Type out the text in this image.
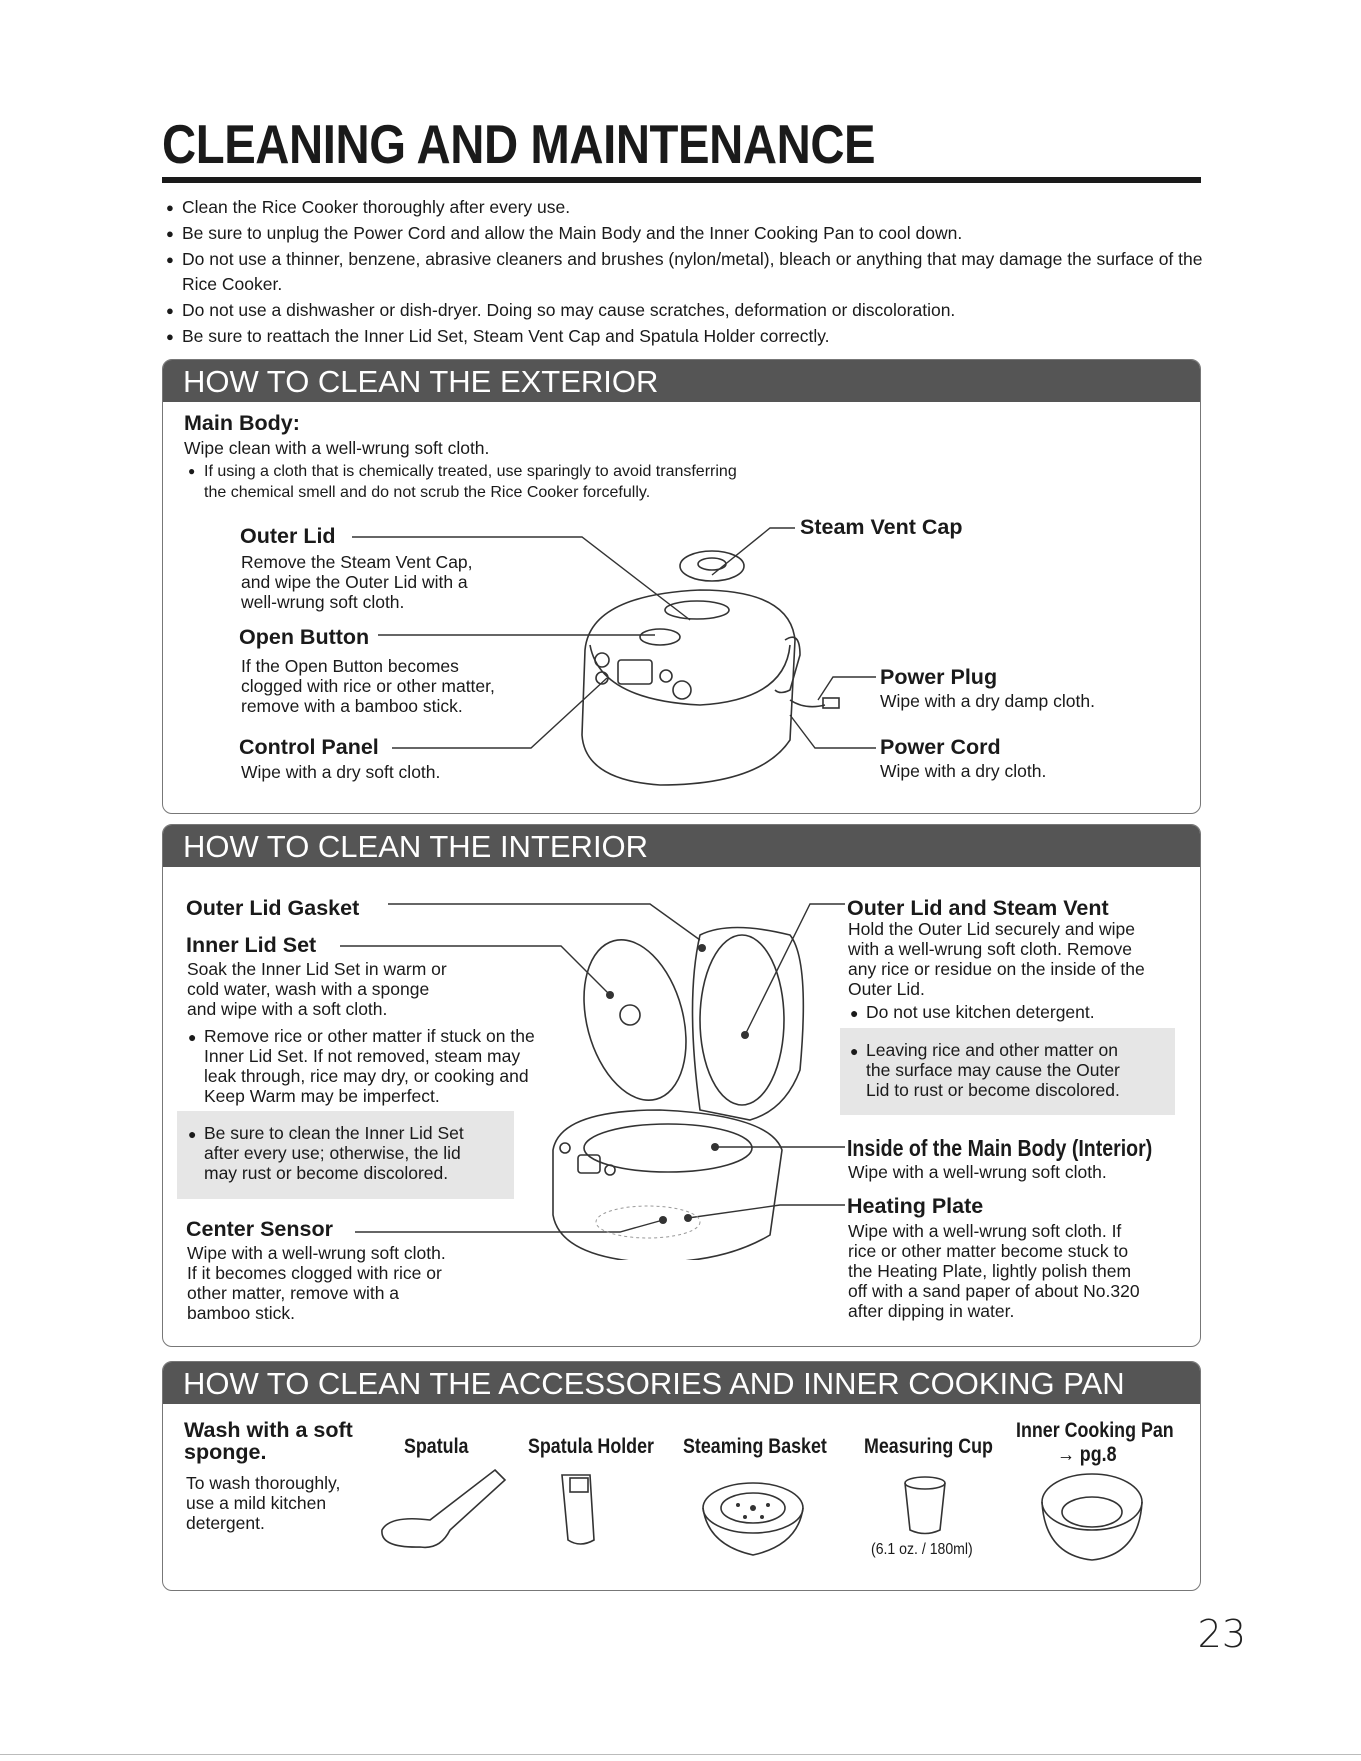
CLEANING AND MAINTENANCE
● Clean the Rice Cooker thoroughly after every use.
● Be sure to unplug the Power Cord and allow the Main Body and the Inner Cooking Pan to cool down.
● Do not use a thinner, benzene, abrasive cleaners and brushes (nylon/metal), bleach or anything that may damage the surface of the Rice Cooker.
● Do not use a dishwasher or dish-dryer. Doing so may cause scratches, deformation or discoloration.
● Be sure to reattach the Inner Lid Set, Steam Vent Cap and Spatula Holder correctly.
HOW TO CLEAN THE EXTERIOR
Main Body:
Wipe clean with a well-wrung soft cloth.
● If using a cloth that is chemically treated, use sparingly to avoid transferring
the chemical smell and do not scrub the Rice Cooker forcefully.
Outer Lid
Remove the Steam Vent Cap,
and wipe the Outer Lid with a
well-wrung soft cloth.
Open Button
If the Open Button becomes
clogged with rice or other matter,
remove with a bamboo stick.
Control Panel
Wipe with a dry soft cloth.
Steam Vent Cap
Power Plug
Wipe with a dry damp cloth.
Power Cord
Wipe with a dry cloth.
HOW TO CLEAN THE INTERIOR
Outer Lid Gasket
Inner Lid Set
Soak the Inner Lid Set in warm or
cold water, wash with a sponge
and wipe with a soft cloth.
● Remove rice or other matter if stuck on the
Inner Lid Set. If not removed, steam may
leak through, rice may dry, or cooking and
Keep Warm may be imperfect.
● Be sure to clean the Inner Lid Set
after every use; otherwise, the lid
may rust or become discolored.
Center Sensor
Wipe with a well-wrung soft cloth.
If it becomes clogged with rice or
other matter, remove with a
bamboo stick.
Outer Lid and Steam Vent
Hold the Outer Lid securely and wipe
with a well-wrung soft cloth. Remove
any rice or residue on the inside of the
Outer Lid.
● Do not use kitchen detergent.
● Leaving rice and other matter on
the surface may cause the Outer
Lid to rust or become discolored.
Inside of the Main Body (Interior)
Wipe with a well-wrung soft cloth.
Heating Plate
Wipe with a well-wrung soft cloth. If
rice or other matter become stuck to
the Heating Plate, lightly polish them
off with a sand paper of about No.320
after dipping in water.
HOW TO CLEAN THE ACCESSORIES AND INNER COOKING PAN
Wash with a soft
sponge.
To wash thoroughly,
use a mild kitchen
detergent.
Spatula	Spatula Holder Steaming Basket Measuring Cup
(6.1 oz. / 180ml)
Inner Cooking Pan
→ pg.8
23
